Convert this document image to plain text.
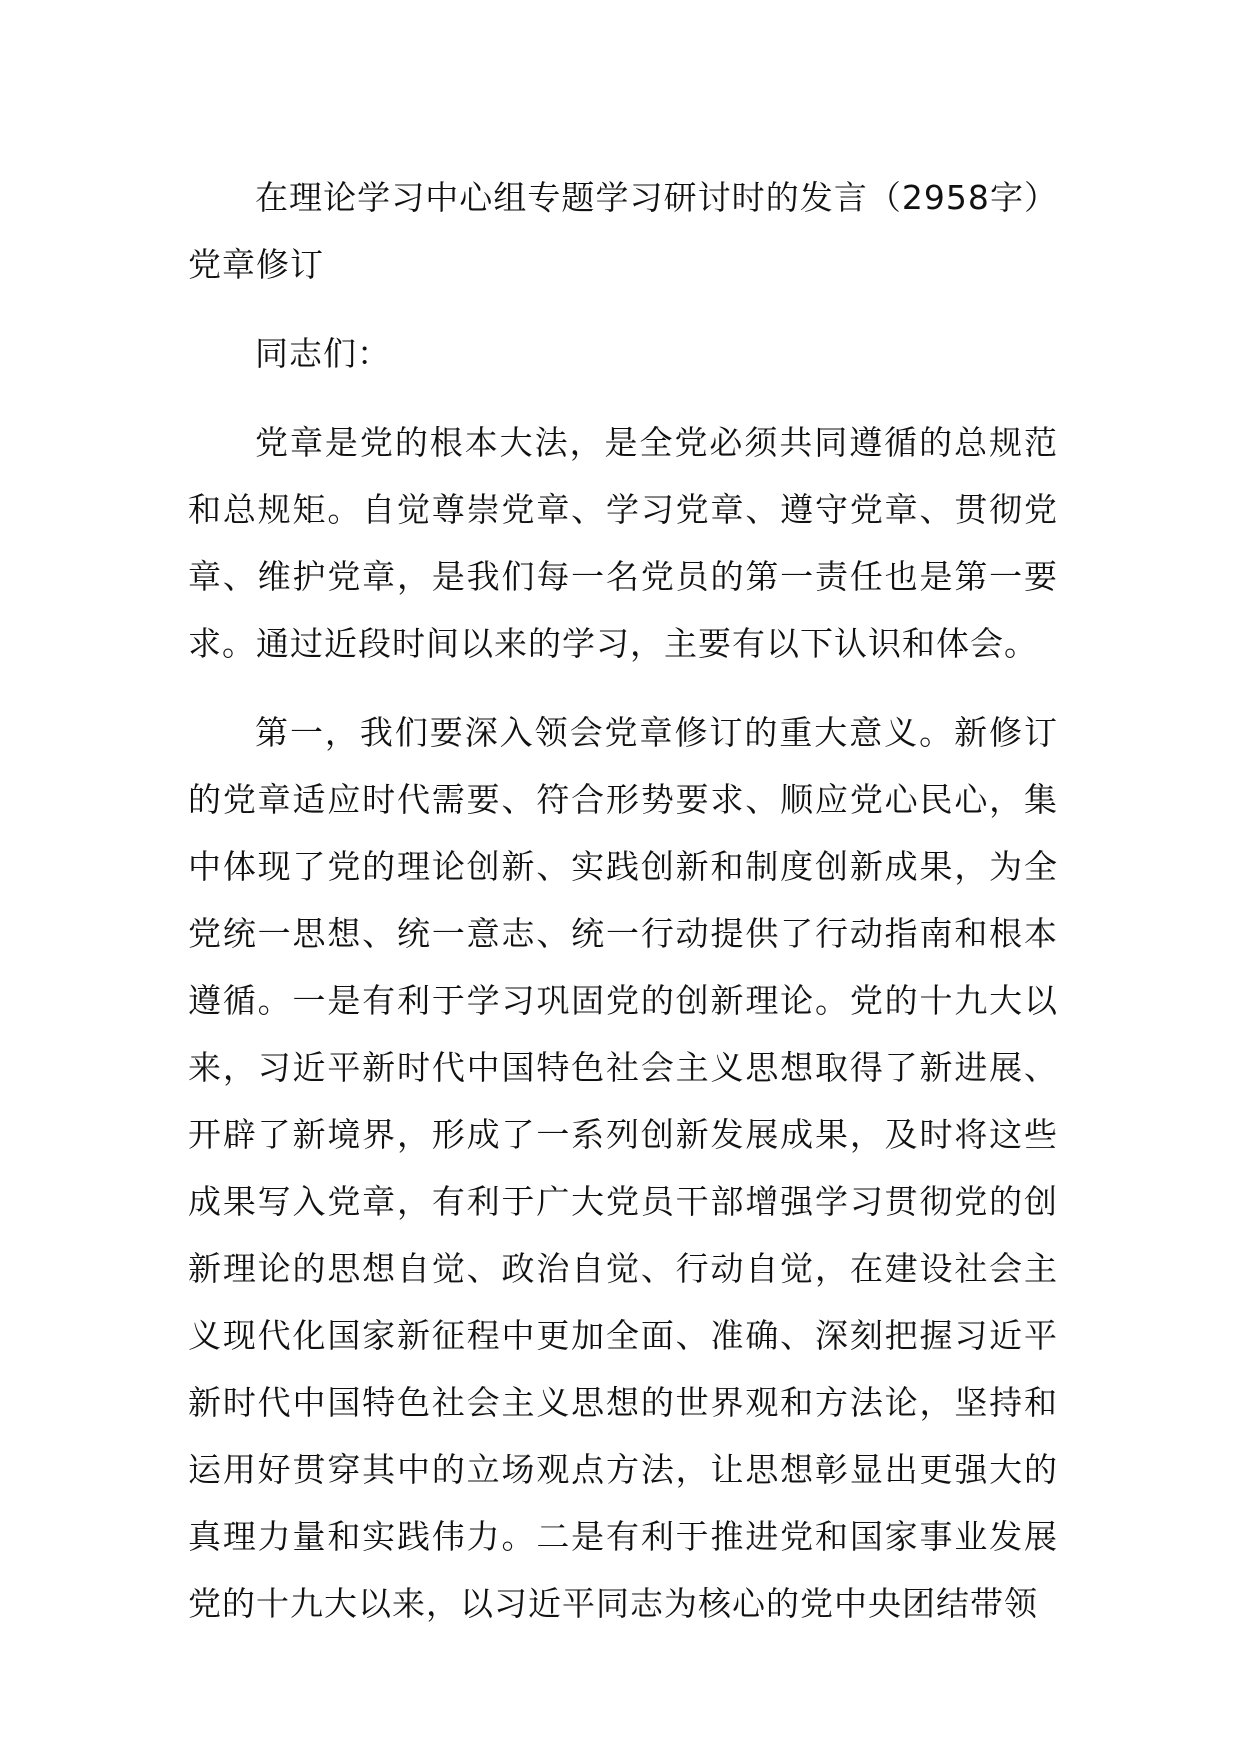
在理论学习中心组专题学习研讨时的发言（2958字）党章修订

同志们：

党章是党的根本大法，是全党必须共同遵循的总规范和总规矩。自觉尊崇党章、学习党章、遵守党章、贯彻党章、维护党章，是我们每一名党员的第一责任也是第一要求。通过近段时间以来的学习，主要有以下认识和体会。

第一，我们要深入领会党章修订的重大意义。新修订的党章适应时代需要、符合形势要求、顺应党心民心，集中体现了党的理论创新、实践创新和制度创新成果，为全党统一思想、统一意志、统一行动提供了行动指南和根本遵循。一是有利于学习巩固党的创新理论。党的十九大以来，习近平新时代中国特色社会主义思想取得了新进展、开辟了新境界，形成了一系列创新发展成果，及时将这些成果写入党章，有利于广大党员干部增强学习贯彻党的创新理论的思想自觉、政治自觉、行动自觉，在建设社会主义现代化国家新征程中更加全面、准确、深刻把握习近平新时代中国特色社会主义思想的世界观和方法论，坚持和运用好贯穿其中的立场观点方法，让思想彰显出更强大的真理力量和实践伟力。二是有利于推进党和国家事业发展党的十九大以来，以习近平同志为核心的党中央团结带领
